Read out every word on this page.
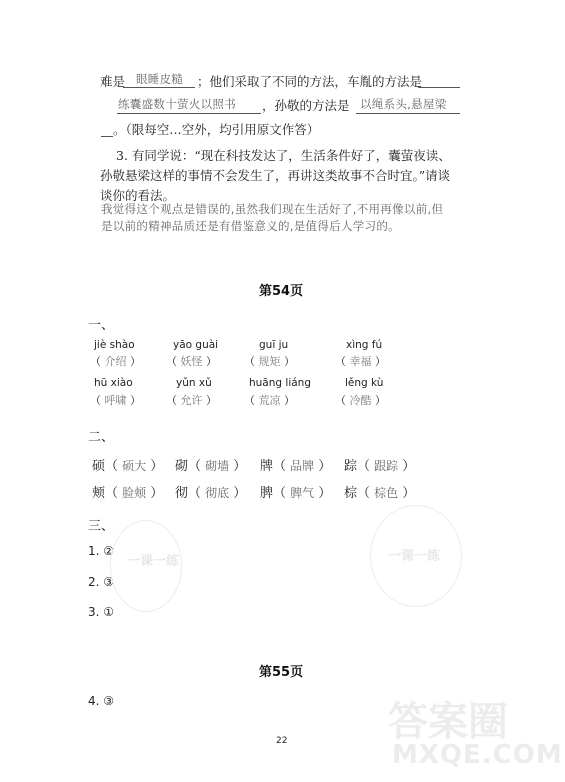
难是 眼睡皮糙 ；他们采取了不同的方法，车胤的方法是
练囊盛数十萤火以照书 ，孙敬的方法是 以绳系头,悬屋梁
。（限每空…空外，均引用原文作答）
3. 有同学说：“现在科技发达了，生活条件好了，囊萤夜读、
孙敬悬梁这样的事情不会发生了，再讲这类故事不合时宜。”请谈
谈你的看法。
我觉得这个观点是错误的,虽然我们现在生活好了,不用再像以前,但
是以前的精神品质还是有借鉴意义的,是值得后人学习的。
第54页
一、
jiè shào
（ 介绍 ）
yāo guài
（ 妖怪 ）
guī ju
（ 规矩 ）
xìng fú
（ 幸福 ）
hū xiào
（ 呼啸 ）
yǔn xǔ
（ 允许 ）
huāng liáng
（ 荒凉 ）
lěng kù
（ 冷酷 ）
二、
硕（ 硕大 ） 砌（ 砌墙 ） 牌（ 品牌 ） 踪（ 跟踪 ）
颊（ 脸颊 ） 彻（ 彻底 ） 脾（ 脾气 ） 棕（ 棕色 ）
三、
1. ②
2. ③
3. ①
第55页
4. ③
22
一课一练	一课一练
答案圈
MXQE.COM
